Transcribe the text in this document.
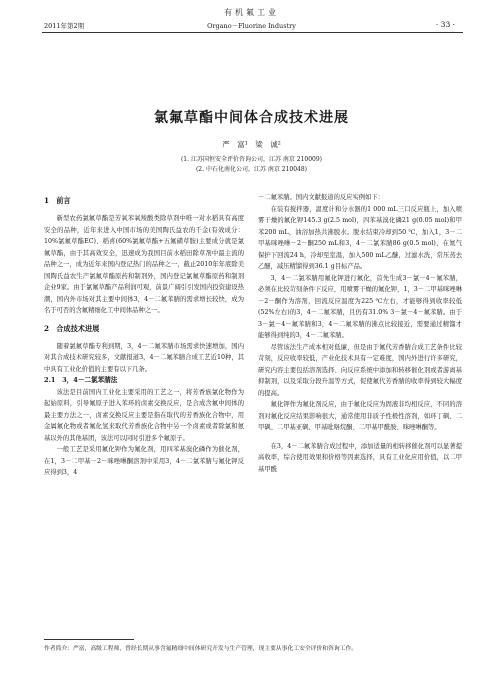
有机氟工业
2011年第2期	Organo－Fluorine Industry	· 33 ·
氯氟草酯中间体合成技术进展
严　富¹　梁　诚²
(1. 江苏国恒安全评价咨询公司，江苏 南京 210009)
(2. 中石化南化公司，江苏 南京 210048)
1　前言

新型农药氯氟草酯是芳氧苯氧羧酸类除草剂中唯一对水稻具有高度安全的品种，近年来进入中国市场的美国陶氏益农的千金(有效成分：10%氯氟草酯EC)、稻喜(60%氯氟草酯+五氟磺草胺)主要成分就是氯氟草酯，由于其高效安全，迅速成为我国目前水稻田除草剂中最主流的品种之一，成为近年来国内登记热门的品种之一，截止2010年年底除美国陶氏益农生产氯氟草酯原药和制剂外，国内登记氯氟草酯原药和制剂企业9家。由于氯氟草酯产品利润可观，前景广阔引引发国内投资建设热潮，国内外市场对其主要中间体3，4－二氟苯腈的需求增长较快，成为名于可否的含氟精细化工中间体品种之一。

2　合成技术进展

随着氯氟草酯专利到期，3，4－二氟苯腈市场需求快速增加，国内对其合成技术研究较多，文献报道3，4－二氟苯腈合成工艺近10种，其中具有工业化价值的主要有以下几条。

2.1　3，4－二氯苯腈法

该法是目前国内工业化主要采用的工艺之一，将芳香族氯化物作为起始原料，引导氟原子进入苯环的卤素交换反应，是合成含氟中间体的最主要方法之一，卤素交换反应主要是指在取代的芳香族化合物中，用金属氟化物或者氟化氢来取代芳香族化合物中另一个卤素或者除氯和氨基以外的其他基团，该法可以同时引进多个氟原子。

一般工艺是采用氟化钾作为氟化剂，用四苯基溴化磷作为催化剂，在1，3－二甲基－2－咪唑啉酮溶剂中采用3，4－二氯苯腈与氟化钾反应得到3，4

－二氟苯腈。国内文献报道的反应实例如下：

在装有搅拌器，温度计和分水器的1 000 mL三口反应瓶上，加入喷雾干燥的氟化钾145.3 g(2.5 mol)，四苯基溴化磷21 g(0.05 mol)和甲苯200 mL，油浴加热共沸脱水。脱水结束冷却到50 ℃，加入1，3－二甲基咪唑啉－2－酮250 mL和3，4－二氯苯腈86 g(0.5 mol)，在氮气保护下回流24 h，冷却至室温，加入500 mL乙醚，过滤水洗，常压蒸去乙醚，减压精馏得到36.1 g目标产品。

3，4－二氯苯腈用氟化钾进行氟化，首先生成3－氯－4－氟苯腈，必须在比较苛刻条件下反应，用喷雾干燥的氟化钾，1，3－二甲基咪唑啉－2－酮作为溶剂，回流反应温度为225 ℃左右，才能够得到收率较低(52%左右)的3，4－二氟苯腈，且仍有31.0% 3－氯－4－氟苯腈。由于3－氯－4－氟苯腈和3，4－二氟苯腈的沸点比较接近，需要通过精馏才能够得到纯的3，4－二氟苯腈。

尽管该法生产成本相对低廉，但是由于氟代芳香腈合成工艺条件比较苛刻，反应收率较低，产业化技术具有一定难度，国内外进行许多研究，研究内容主要包括溶剂选择、向反应系统中添加和转移催化剂或者游离基抑制剂，以及采取分段升温等方式，促使氟代芳香腈的收率得到较大幅度的提高。

氟化钾作为氟化剂反应，由于氟化反应为固液非均相反应，不同的溶剂对氟化反应结果影响很大，通常使用非质子性极性溶剂，如环丁砜、二甲砜、二甲基亚砜、甲基吡咯烷酮、二甲基甲酰胺、咪唑啉酮等。

在3，4－二氟苯腈合成过程中，添加适量的相转移催化剂可以显著提高收率，综合使用效果和价格等因素选择，具有工业化应用价值，以二甲基甲酰

作者简介：严富，高级工程师，曾经长期从事含氟精细中间体研究开发与生产管理，现主要从事化工安全评价和咨询工作。
